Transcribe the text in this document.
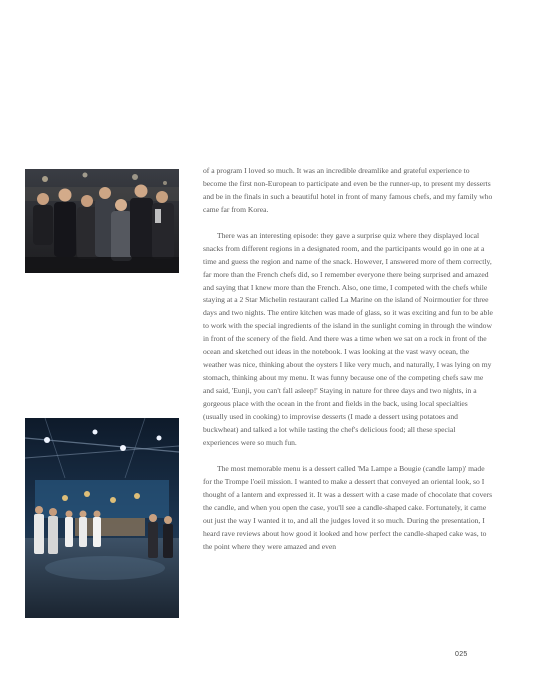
of a program I loved so much. It was an incredible dreamlike and grateful experience to become the first non-European to participate and even be the runner-up, to present my desserts and be in the finals in such a beautiful hotel in front of many famous chefs, and my family who came far from Korea.

There was an interesting episode: they gave a surprise quiz where they displayed local snacks from different regions in a designated room, and the participants would go in one at a time and guess the region and name of the snack. However, I answered more of them correctly, far more than the French chefs did, so I remember everyone there being surprised and amazed and saying that I knew more than the French. Also, one time, I competed with the chefs while staying at a 2 Star Michelin restaurant called La Marine on the island of Noirmoutier for three days and two nights. The entire kitchen was made of glass, so it was exciting and fun to be able to work with the special ingredients of the island in the sunlight coming in through the window in front of the scenery of the field. And there was a time when we sat on a rock in front of the ocean and sketched out ideas in the notebook. I was looking at the vast wavy ocean, the weather was nice, thinking about the oysters I like very much, and naturally, I was lying on my stomach, thinking about my menu. It was funny because one of the competing chefs saw me and said, 'Eunji, you can't fall asleep!' Staying in nature for three days and two nights, in a gorgeous place with the ocean in the front and fields in the back, using local specialties (usually used in cooking) to improvise desserts (I made a dessert using potatoes and buckwheat) and talked a lot while tasting the chef's delicious food; all these special experiences were so much fun.

The most memorable menu is a dessert called 'Ma Lampe a Bougie (candle lamp)' made for the Trompe l'oeil mission. I wanted to make a dessert that conveyed an oriental look, so I thought of a lantern and expressed it. It was a dessert with a case made of chocolate that covers the candle, and when you open the case, you'll see a candle-shaped cake. Fortunately, it came out just the way I wanted it to, and all the judges loved it so much. During the presentation, I heard rave reviews about how good it looked and how perfect the candle-shaped cake was, to the point where they were amazed and even

025
